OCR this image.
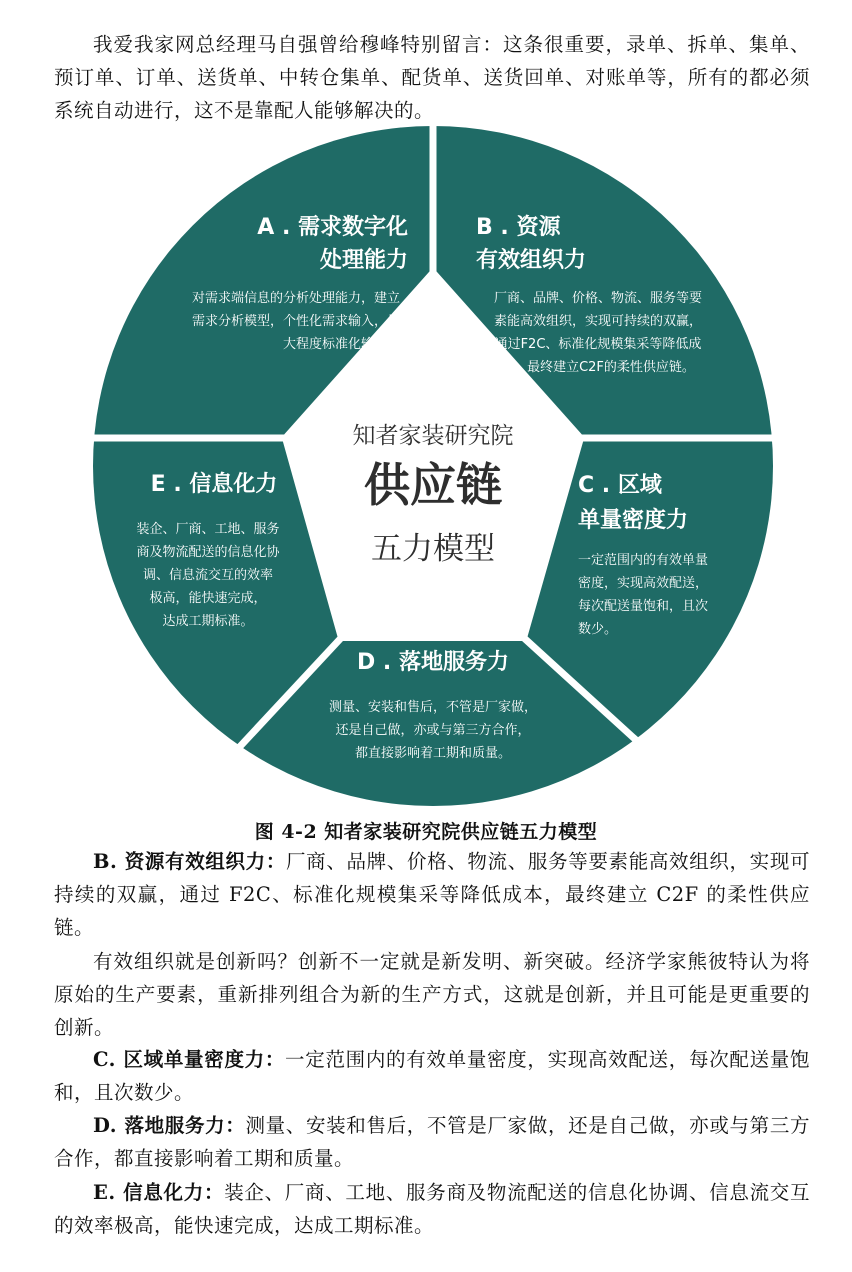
我爱我家网总经理马自强曾给穆峰特别留言：这条很重要，录单、拆单、集单、预订单、订单、送货单、中转仓集单、配货单、送货回单、对账单等，所有的都必须系统自动进行，这不是靠配人能够解决的。

知者家装研究院
供应链
五力模型
A . 需求数字化
处理能力
对需求端信息的分析处理能力，建立
需求分析模型，个性化需求输入，最
大程度标准化输出。
B . 资源
有效组织力
厂商、品牌、价格、物流、服务等要
素能高效组织，实现可持续的双赢，
通过F2C、标准化规模集采等降低成
本，最终建立C2F的柔性供应链。
C . 区域
单量密度力
一定范围内的有效单量
密度，实现高效配送，
每次配送量饱和，且次
数少。
D . 落地服务力
测量、安装和售后，不管是厂家做，
还是自己做，亦或与第三方合作，
都直接影响着工期和质量。
E . 信息化力
装企、厂商、工地、服务
商及物流配送的信息化协
调、信息流交互的效率
极高，能快速完成，
达成工期标准。
图 4-2 知者家装研究院供应链五力模型

B. 资源有效组织力：厂商、品牌、价格、物流、服务等要素能高效组织，实现可持续的双赢，通过 F2C、标准化规模集采等降低成本，最终建立 C2F 的柔性供应链。

有效组织就是创新吗？创新不一定就是新发明、新突破。经济学家熊彼特认为将原始的生产要素，重新排列组合为新的生产方式，这就是创新，并且可能是更重要的创新。

C. 区域单量密度力：一定范围内的有效单量密度，实现高效配送，每次配送量饱和，且次数少。

D. 落地服务力：测量、安装和售后，不管是厂家做，还是自己做，亦或与第三方合作，都直接影响着工期和质量。

E. 信息化力：装企、厂商、工地、服务商及物流配送的信息化协调、信息流交互的效率极高，能快速完成，达成工期标准。
